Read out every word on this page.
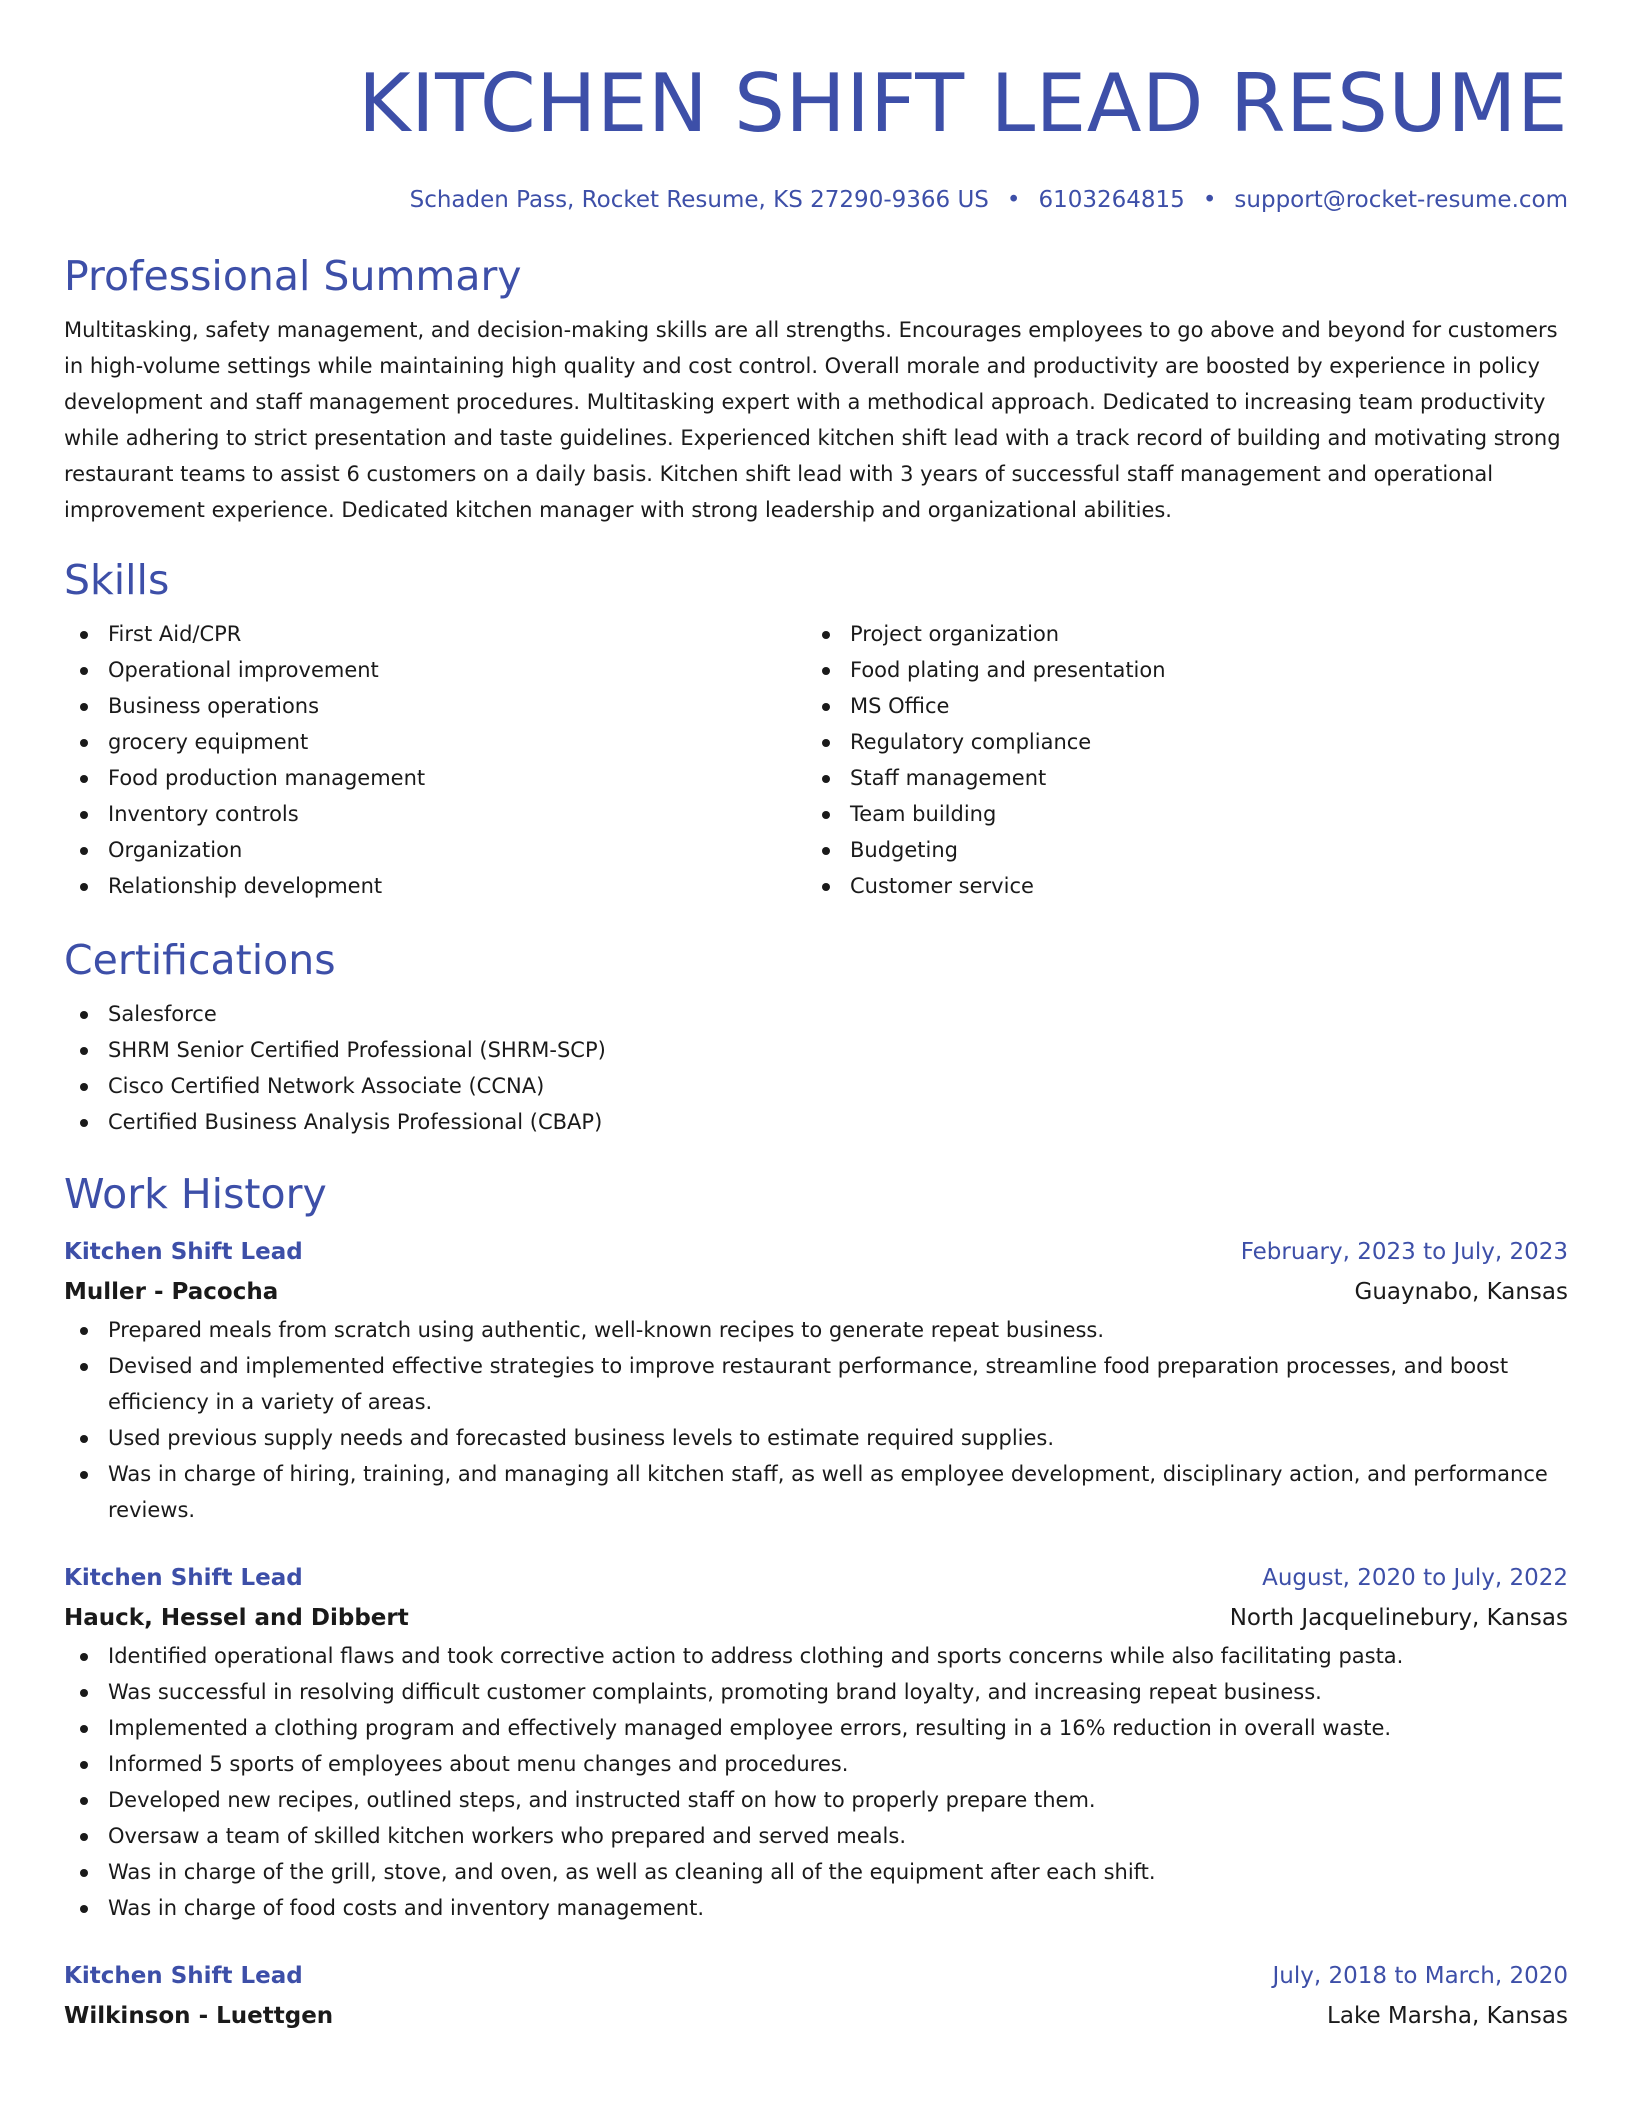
KITCHEN SHIFT LEAD RESUME
Schaden Pass, Rocket Resume, KS 27290-9366 US • 6103264815 • support@rocket-resume.com
Professional Summary

Multitasking, safety management, and decision-making skills are all strengths. Encourages employees to go above and beyond for customers in high-volume settings while maintaining high quality and cost control. Overall morale and productivity are boosted by experience in policy development and staff management procedures. Multitasking expert with a methodical approach. Dedicated to increasing team productivity while adhering to strict presentation and taste guidelines. Experienced kitchen shift lead with a track record of building and motivating strong restaurant teams to assist 6 customers on a daily basis. Kitchen shift lead with 3 years of successful staff management and operational improvement experience. Dedicated kitchen manager with strong leadership and organizational abilities.

Skills
First Aid/CPR
Operational improvement
Business operations
grocery equipment
Food production management
Inventory controls
Organization
Relationship development
Project organization
Food plating and presentation
MS Office
Regulatory compliance
Staff management
Team building
Budgeting
Customer service
Certifications
Salesforce
SHRM Senior Certified Professional (SHRM-SCP)
Cisco Certified Network Associate (CCNA)
Certified Business Analysis Professional (CBAP)
Work History
Kitchen Shift Lead	February, 2023 to July, 2023
Muller - Pacocha	Guaynabo, Kansas
Prepared meals from scratch using authentic, well-known recipes to generate repeat business.
Devised and implemented effective strategies to improve restaurant performance, streamline food preparation processes, and boost efficiency in a variety of areas.
Used previous supply needs and forecasted business levels to estimate required supplies.
Was in charge of hiring, training, and managing all kitchen staff, as well as employee development, disciplinary action, and performance reviews.
Kitchen Shift Lead	August, 2020 to July, 2022
Hauck, Hessel and Dibbert	North Jacquelinebury, Kansas
Identified operational flaws and took corrective action to address clothing and sports concerns while also facilitating pasta.
Was successful in resolving difficult customer complaints, promoting brand loyalty, and increasing repeat business.
Implemented a clothing program and effectively managed employee errors, resulting in a 16% reduction in overall waste.
Informed 5 sports of employees about menu changes and procedures.
Developed new recipes, outlined steps, and instructed staff on how to properly prepare them.
Oversaw a team of skilled kitchen workers who prepared and served meals.
Was in charge of the grill, stove, and oven, as well as cleaning all of the equipment after each shift.
Was in charge of food costs and inventory management.
Kitchen Shift Lead	July, 2018 to March, 2020
Wilkinson - Luettgen	Lake Marsha, Kansas
